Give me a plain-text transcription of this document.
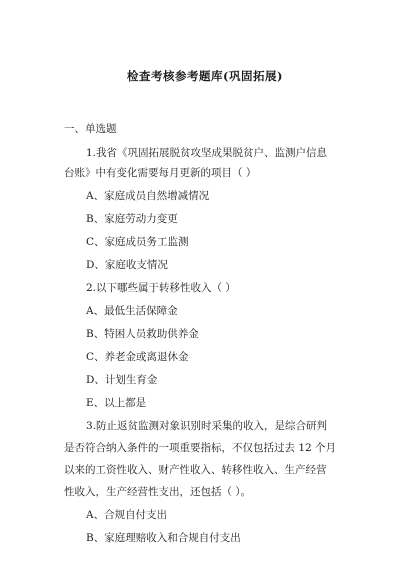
检查考核参考题库(巩固拓展)
一、单选题
1.我省《巩固拓展脱贫攻坚成果脱贫户、监测户信息
台账》中有变化需要每月更新的项目（ ）
A、家庭成员自然增减情况
B、家庭劳动力变更
C、家庭成员务工监测
D、家庭收支情况
2.以下哪些属于转移性收入（ ）
A、最低生活保障金
B、特困人员救助供养金
C、养老金或离退休金
D、计划生育金
E、以上都是
3.防止返贫监测对象识别时采集的收入，是综合研判
是否符合纳入条件的一项重要指标，不仅包括过去 12 个月
以来的工资性收入、财产性收入、转移性收入、生产经营
性收入，生产经营性支出，还包括（ ）。
A、合规自付支出
B、家庭理赔收入和合规自付支出
